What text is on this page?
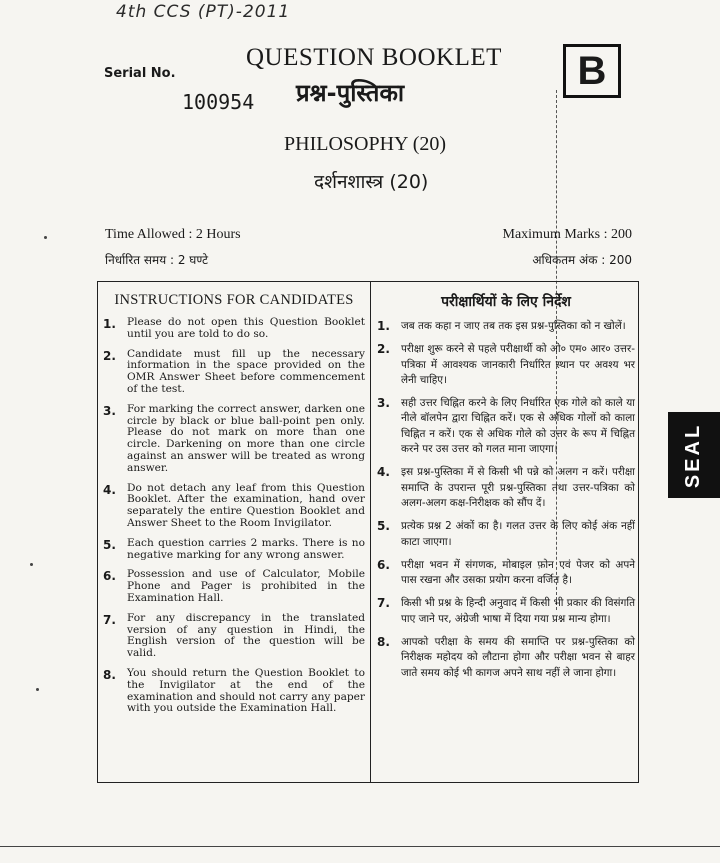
4th CCS (PT)-2011
Serial No.
100954
QUESTION BOOKLET
प्रश्न-पुस्तिका
B
PHILOSOPHY (20)
दर्शनशास्त्र (20)
Time Allowed : 2 Hours
निर्धारित समय : 2 घण्टे
Maximum Marks : 200
अधिकतम अंक : 200
INSTRUCTIONS FOR CANDIDATES
1.	Please do not open this Question Booklet until you are told to do so.
2.	Candidate must fill up the necessary information in the space provided on the OMR Answer Sheet before commencement of the test.
3.	For marking the correct answer, darken one circle by black or blue ball-point pen only. Please do not mark on more than one circle. Darkening on more than one circle against an answer will be treated as wrong answer.
4.	Do not detach any leaf from this Question Booklet. After the examination, hand over separately the entire Question Booklet and Answer Sheet to the Room Invigilator.
5.	Each question carries 2 marks. There is no negative marking for any wrong answer.
6.	Possession and use of Calculator, Mobile Phone and Pager is prohibited in the Examination Hall.
7.	For any discrepancy in the translated version of any question in Hindi, the English version of the question will be valid.
8.	You should return the Question Booklet to the Invigilator at the end of the examination and should not carry any paper with you outside the Examination Hall.
परीक्षार्थियों के लिए निर्देश
1.	जब तक कहा न जाए तब तक इस प्रश्न-पुस्तिका को न खोलें।
2.	परीक्षा शुरू करने से पहले परीक्षार्थी को ओ० एम० आर० उत्तर-पत्रिका में आवश्यक जानकारी निर्धारित स्थान पर अवश्य भर लेनी चाहिए।
3.	सही उत्तर चिह्नित करने के लिए निर्धारित एक गोले को काले या नीले बॉलपेन द्वारा चिह्नित करें। एक से अधिक गोलों को काला चिह्नित न करें। एक से अधिक गोले को उत्तर के रूप में चिह्नित करने पर उस उत्तर को गलत माना जाएगा।
4.	इस प्रश्न-पुस्तिका में से किसी भी पन्ने को अलग न करें। परीक्षा समाप्ति के उपरान्त पूरी प्रश्न-पुस्तिका तथा उत्तर-पत्रिका को अलग-अलग कक्ष-निरीक्षक को सौंप दें।
5.	प्रत्येक प्रश्न 2 अंकों का है। गलत उत्तर के लिए कोई अंक नहीं काटा जाएगा।
6.	परीक्षा भवन में संगणक, मोबाइल फ़ोन एवं पेजर को अपने पास रखना और उसका प्रयोग करना वर्जित है।
7.	किसी भी प्रश्न के हिन्दी अनुवाद में किसी भी प्रकार की विसंगति पाए जाने पर, अंग्रेजी भाषा में दिया गया प्रश्न मान्य होगा।
8.	आपको परीक्षा के समय की समाप्ति पर प्रश्न-पुस्तिका को निरीक्षक महोदय को लौटाना होगा और परीक्षा भवन से बाहर जाते समय कोई भी कागज अपने साथ नहीं ले जाना होगा।
SEAL
